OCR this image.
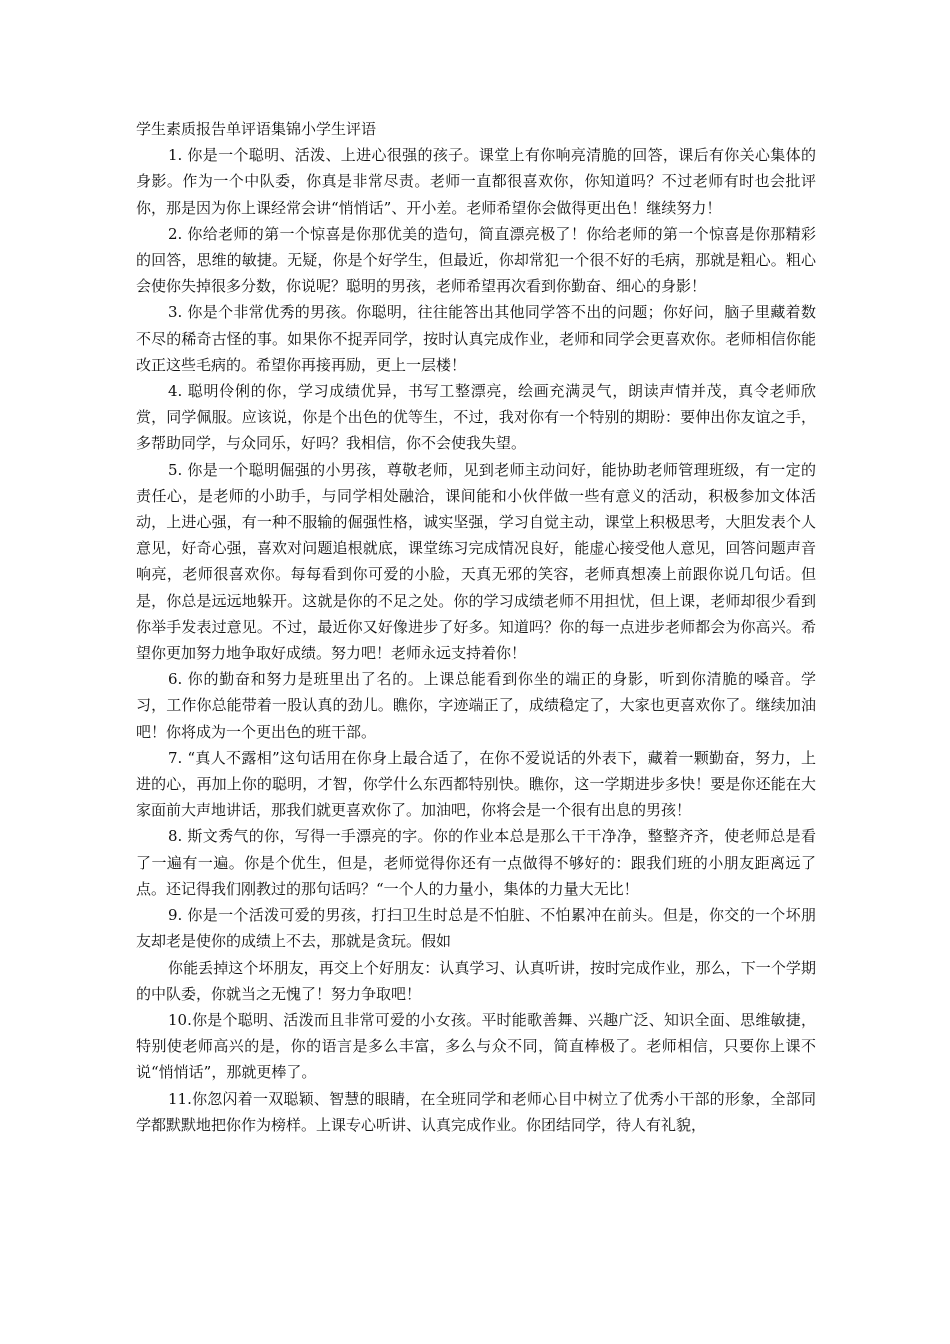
学生素质报告单评语集锦小学生评语

1. 你是一个聪明、活泼、上进心很强的孩子。课堂上有你响亮清脆的回答，课后有你关心集体的身影。作为一个中队委，你真是非常尽责。老师一直都很喜欢你，你知道吗？不过老师有时也会批评你，那是因为你上课经常会讲“悄悄话”、开小差。老师希望你会做得更出色！继续努力！

2. 你给老师的第一个惊喜是你那优美的造句，简直漂亮极了！你给老师的第一个惊喜是你那精彩的回答，思维的敏捷。无疑，你是个好学生，但最近，你却常犯一个很不好的毛病，那就是粗心。粗心会使你失掉很多分数，你说呢？聪明的男孩，老师希望再次看到你勤奋、细心的身影！

3. 你是个非常优秀的男孩。你聪明，往往能答出其他同学答不出的问题；你好问，脑子里藏着数不尽的稀奇古怪的事。如果你不捉弄同学，按时认真完成作业，老师和同学会更喜欢你。老师相信你能改正这些毛病的。希望你再接再励，更上一层楼！

4. 聪明伶俐的你，学习成绩优异，书写工整漂亮，绘画充满灵气，朗读声情并茂，真令老师欣赏，同学佩服。应该说，你是个出色的优等生，不过，我对你有一个特别的期盼：要伸出你友谊之手，多帮助同学，与众同乐，好吗？我相信，你不会使我失望。

5. 你是一个聪明倔强的小男孩，尊敬老师，见到老师主动问好，能协助老师管理班级，有一定的责任心，是老师的小助手，与同学相处融洽，课间能和小伙伴做一些有意义的活动，积极参加文体活动，上进心强，有一种不服输的倔强性格，诚实坚强，学习自觉主动，课堂上积极思考，大胆发表个人意见，好奇心强，喜欢对问题追根就底，课堂练习完成情况良好，能虚心接受他人意见，回答问题声音响亮，老师很喜欢你。每每看到你可爱的小脸，天真无邪的笑容，老师真想凑上前跟你说几句话。但是，你总是远远地躲开。这就是你的不足之处。你的学习成绩老师不用担忧，但上课，老师却很少看到你举手发表过意见。不过，最近你又好像进步了好多。知道吗？你的每一点进步老师都会为你高兴。希望你更加努力地争取好成绩。努力吧！老师永远支持着你！

6. 你的勤奋和努力是班里出了名的。上课总能看到你坐的端正的身影，听到你清脆的嗓音。学习，工作你总能带着一股认真的劲儿。瞧你，字迹端正了，成绩稳定了，大家也更喜欢你了。继续加油吧！你将成为一个更出色的班干部。

7. “真人不露相”这句话用在你身上最合适了，在你不爱说话的外表下，藏着一颗勤奋，努力，上进的心，再加上你的聪明，才智，你学什么东西都特别快。瞧你，这一学期进步多快！要是你还能在大家面前大声地讲话，那我们就更喜欢你了。加油吧，你将会是一个很有出息的男孩！

8. 斯文秀气的你，写得一手漂亮的字。你的作业本总是那么干干净净，整整齐齐，使老师总是看了一遍有一遍。你是个优生，但是，老师觉得你还有一点做得不够好的：跟我们班的小朋友距离远了点。还记得我们刚教过的那句话吗？“一个人的力量小，集体的力量大无比！

9. 你是一个活泼可爱的男孩，打扫卫生时总是不怕脏、不怕累冲在前头。但是，你交的一个坏朋友却老是使你的成绩上不去，那就是贪玩。假如

你能丢掉这个坏朋友，再交上个好朋友：认真学习、认真听讲，按时完成作业，那么，下一个学期的中队委，你就当之无愧了！努力争取吧！

10.你是个聪明、活泼而且非常可爱的小女孩。平时能歌善舞、兴趣广泛、知识全面、思维敏捷，特别使老师高兴的是，你的语言是多么丰富，多么与众不同，简直棒极了。老师相信，只要你上课不说“悄悄话”，那就更棒了。

11.你忽闪着一双聪颖、智慧的眼睛，在全班同学和老师心目中树立了优秀小干部的形象，全部同学都默默地把你作为榜样。上课专心听讲、认真完成作业。你团结同学，待人有礼貌，
